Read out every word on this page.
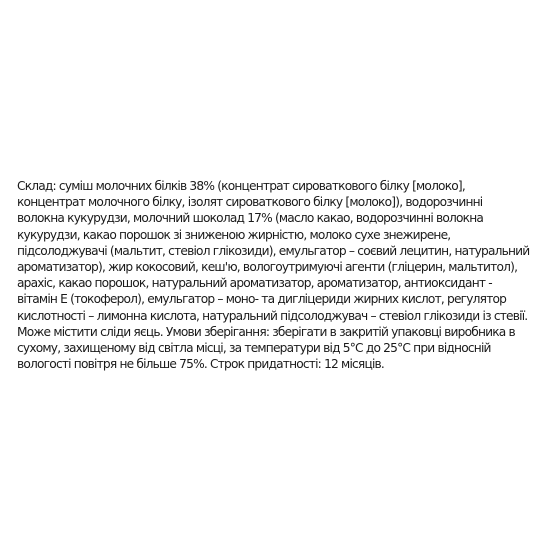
Склад: суміш молочних білків 38% (концентрат сироваткового білку [молоко],
концентрат молочного білку, ізолят сироваткового білку [молоко]), водорозчинні
волокна кукурудзи, молочний шоколад 17% (масло какао, водорозчинні волокна
кукурудзи, какао порошок зі зниженою жирністю, молоко сухе знежирене,
підсолоджувачі (мальтит, стевіол глікозиди), емульгатор – соєвий лецитин, натуральний
ароматизатор), жир кокосовий, кеш'ю, вологоутримуючі агенти (гліцерин, мальтитол),
арахіс, какао порошок, натуральний ароматизатор, ароматизатор, антиоксидант -
вітамін Е (токоферол), емульгатор – моно- та дигліцериди жирних кислот, регулятор
кислотності – лимонна кислота, натуральний підсолоджувач – стевіол глікозиди із стевії.
Може містити сліди яєць. Умови зберігання: зберігати в закритій упаковці виробника в
сухому, захищеному від світла місці, за температури від 5°С до 25°С при відносній
вологості повітря не більше 75%. Строк придатності: 12 місяців.
